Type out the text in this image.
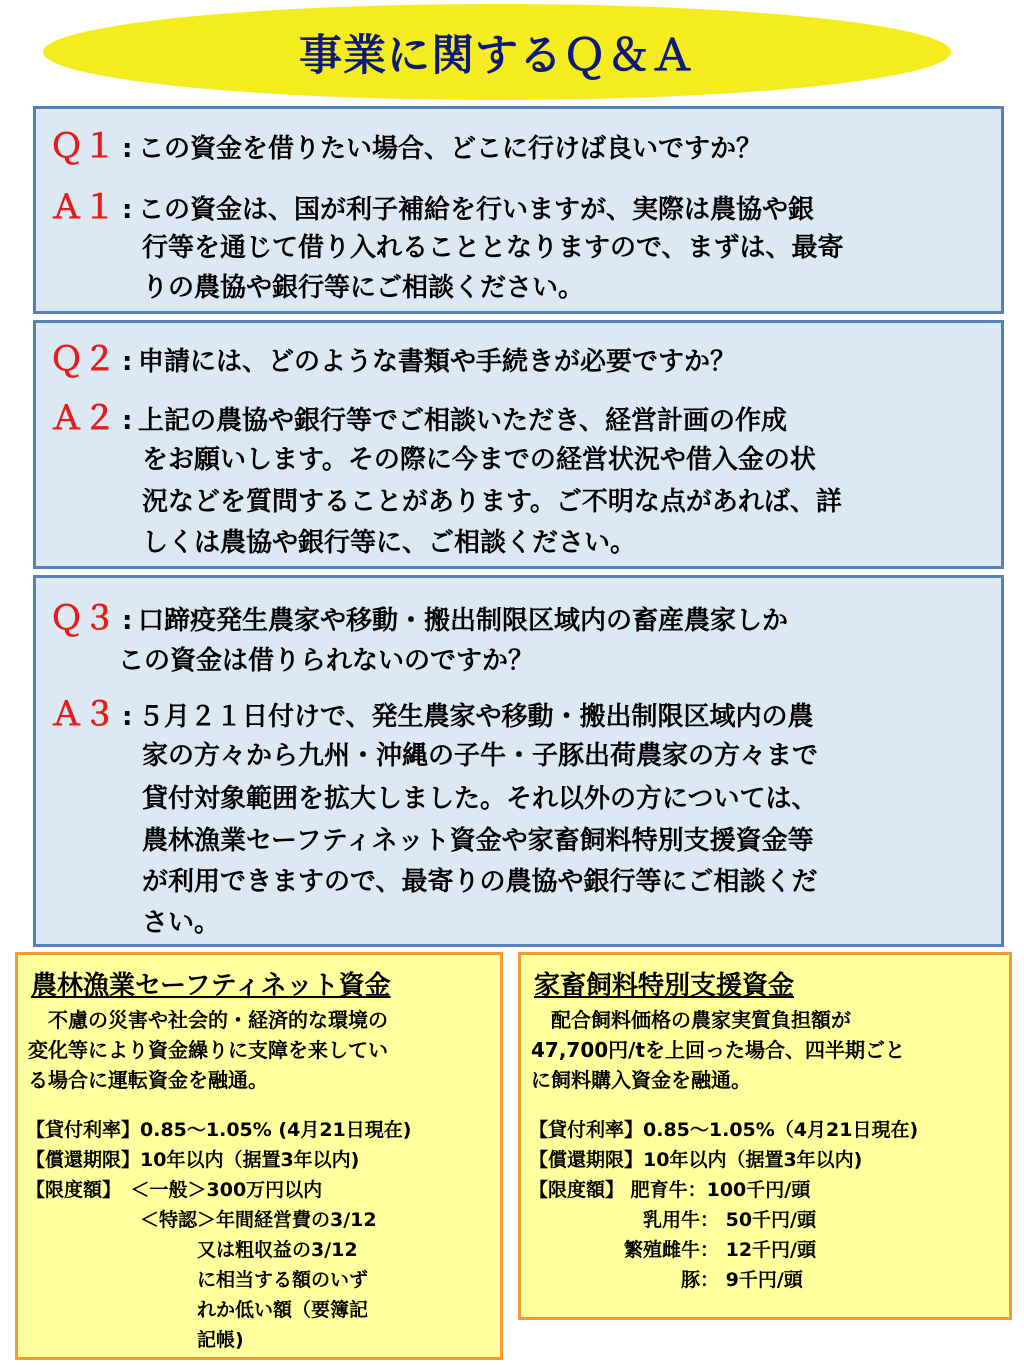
事業に関するＱ＆Ａ
Ｑ１ : この資金を借りたい場合、どこに行けば良いですか？
Ａ１ : この資金は、国が利子補給を行いますが、実際は農協や銀
行等を通じて借り入れることとなりますので、まずは、最寄
りの農協や銀行等にご相談ください。
Ｑ２ : 申請には、どのような書類や手続きが必要ですか？
Ａ２ : 上記の農協や銀行等でご相談いただき、経営計画の作成
をお願いします。その際に今までの経営状況や借入金の状
況などを質問することがあります。ご不明な点があれば、詳
しくは農協や銀行等に、ご相談ください。
Ｑ３ : 口蹄疫発生農家や移動・搬出制限区域内の畜産農家しか
この資金は借りられないのですか？
Ａ３ : ５月２１日付けで、発生農家や移動・搬出制限区域内の農
家の方々から九州・沖縄の子牛・子豚出荷農家の方々まで
貸付対象範囲を拡大しました。それ以外の方については、
農林漁業セーフティネット資金や家畜飼料特別支援資金等
が利用できますので、最寄りの農協や銀行等にご相談くだ
さい。
農林漁業セーフティネット資金
　不慮の災害や社会的・経済的な環境の
変化等により資金繰りに支障を来してい
る場合に運転資金を融通。
【貸付利率】0.85～1.05% (4月21日現在)
【償還期限】10年以内（据置3年以内)
【限度額】　＜一般＞300万円以内
　　　　　　＜特認＞年間経営費の3/12
　　　　　　　　　又は粗収益の3/12
　　　　　　　　　に相当する額のいず
　　　　　　　　　れか低い額（要簿記
　　　　　　　　　記帳)
家畜飼料特別支援資金
　配合飼料価格の農家実質負担額が
47,700円/tを上回った場合、四半期ごと
に飼料購入資金を融通。
【貸付利率】0.85～1.05%（4月21日現在)
【償還期限】10年以内（据置3年以内)
【限度額】 肥育牛：100千円/頭
　　　　　　乳用牛： 50千円/頭
　　　　　繁殖雌牛： 12千円/頭
　　　　　　　　豚： 9千円/頭
